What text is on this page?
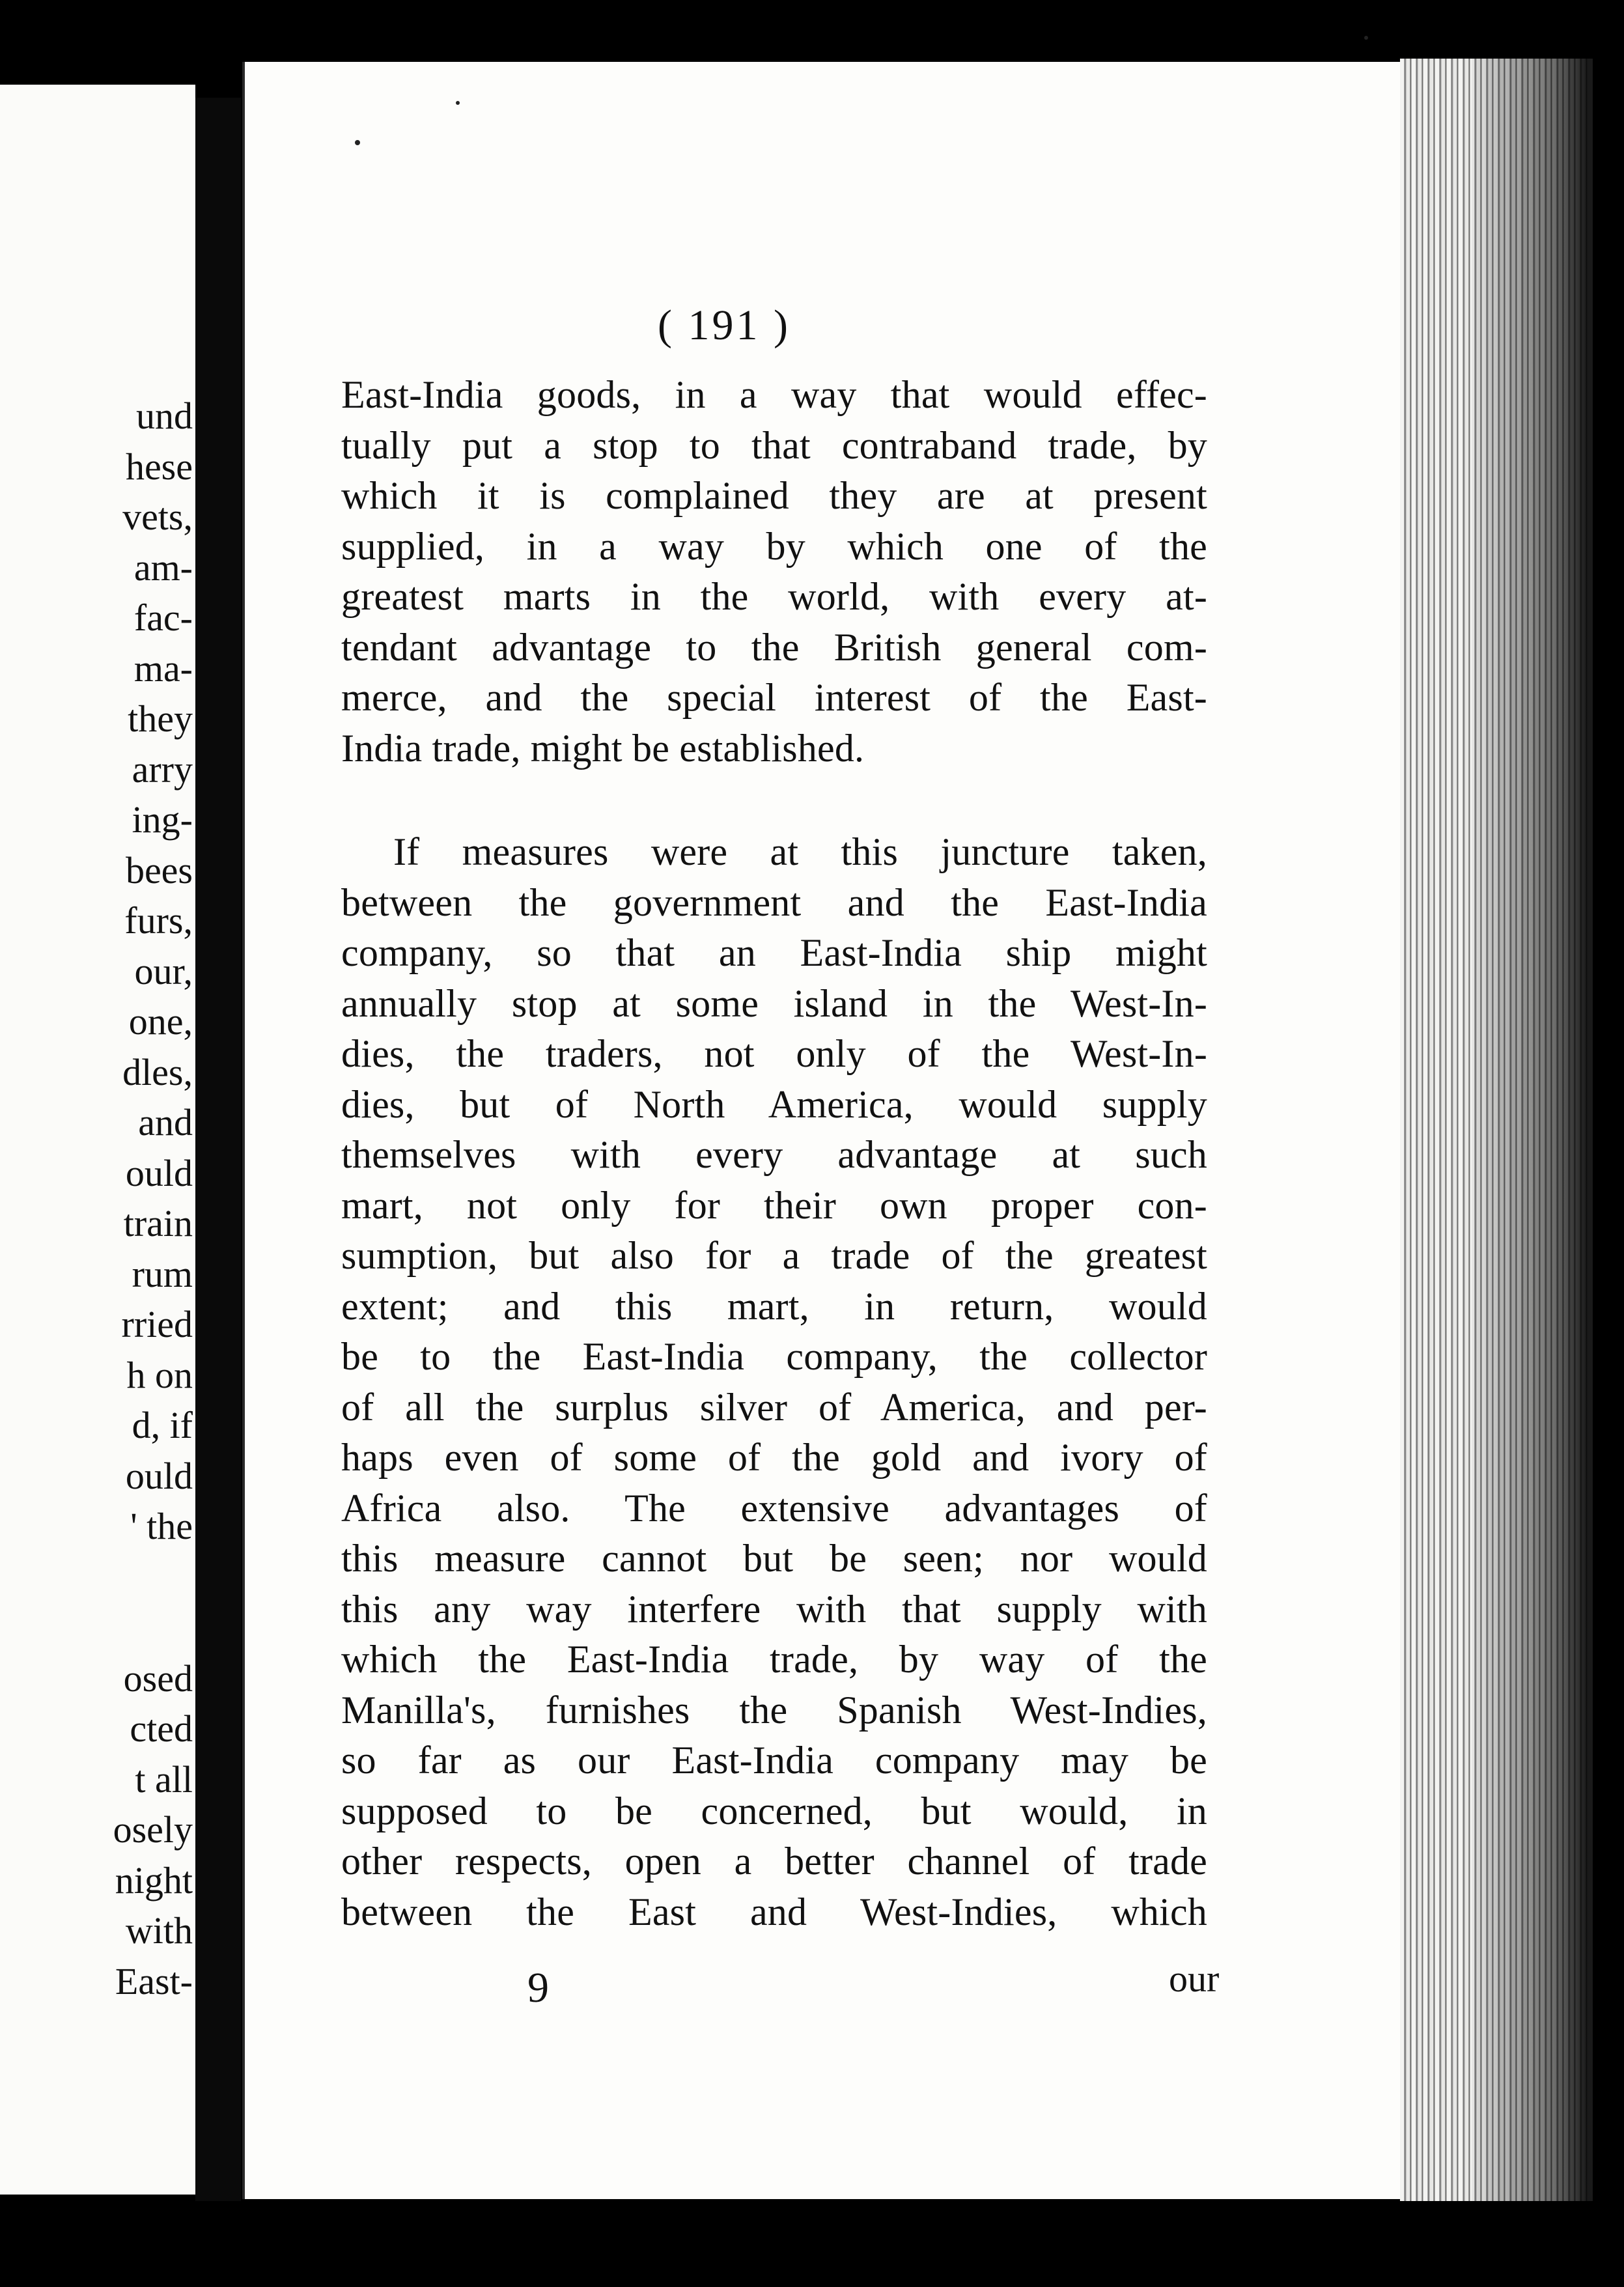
und
hese
vets,
am-
fac-
ma-
they
arry
ing-
bees
furs,
our,
one,
dles,
and
ould
train
rum
rried
h on
d, if
ould
' the
osed
cted
t all
osely
night
with
East-
( 191 )
East-India goods, in a way that would effec-
tually put a stop to that contraband trade, by
which it is complained they are at present
supplied, in a way by which one of the
greatest marts in the world, with every at-
tendant advantage to the British general com-
merce, and the special interest of the East-
India trade, might be established.
If measures were at this juncture taken,
between the government and the East-India
company, so that an East-India ship might
annually stop at some island in the West-In-
dies, the traders, not only of the West-In-
dies, but of North America, would supply
themselves with every advantage at such
mart, not only for their own proper con-
sumption, but also for a trade of the greatest
extent; and this mart, in return, would
be to the East-India company, the collector
of all the surplus silver of America, and per-
haps even of some of the gold and ivory of
Africa also. The extensive advantages of
this measure cannot but be seen; nor would
this any way interfere with that supply with
which the East-India trade, by way of the
Manilla's, furnishes the Spanish West-Indies,
so far as our East-India company may be
supposed to be concerned, but would, in
other respects, open a better channel of trade
between the East and West-Indies, which
9	our
